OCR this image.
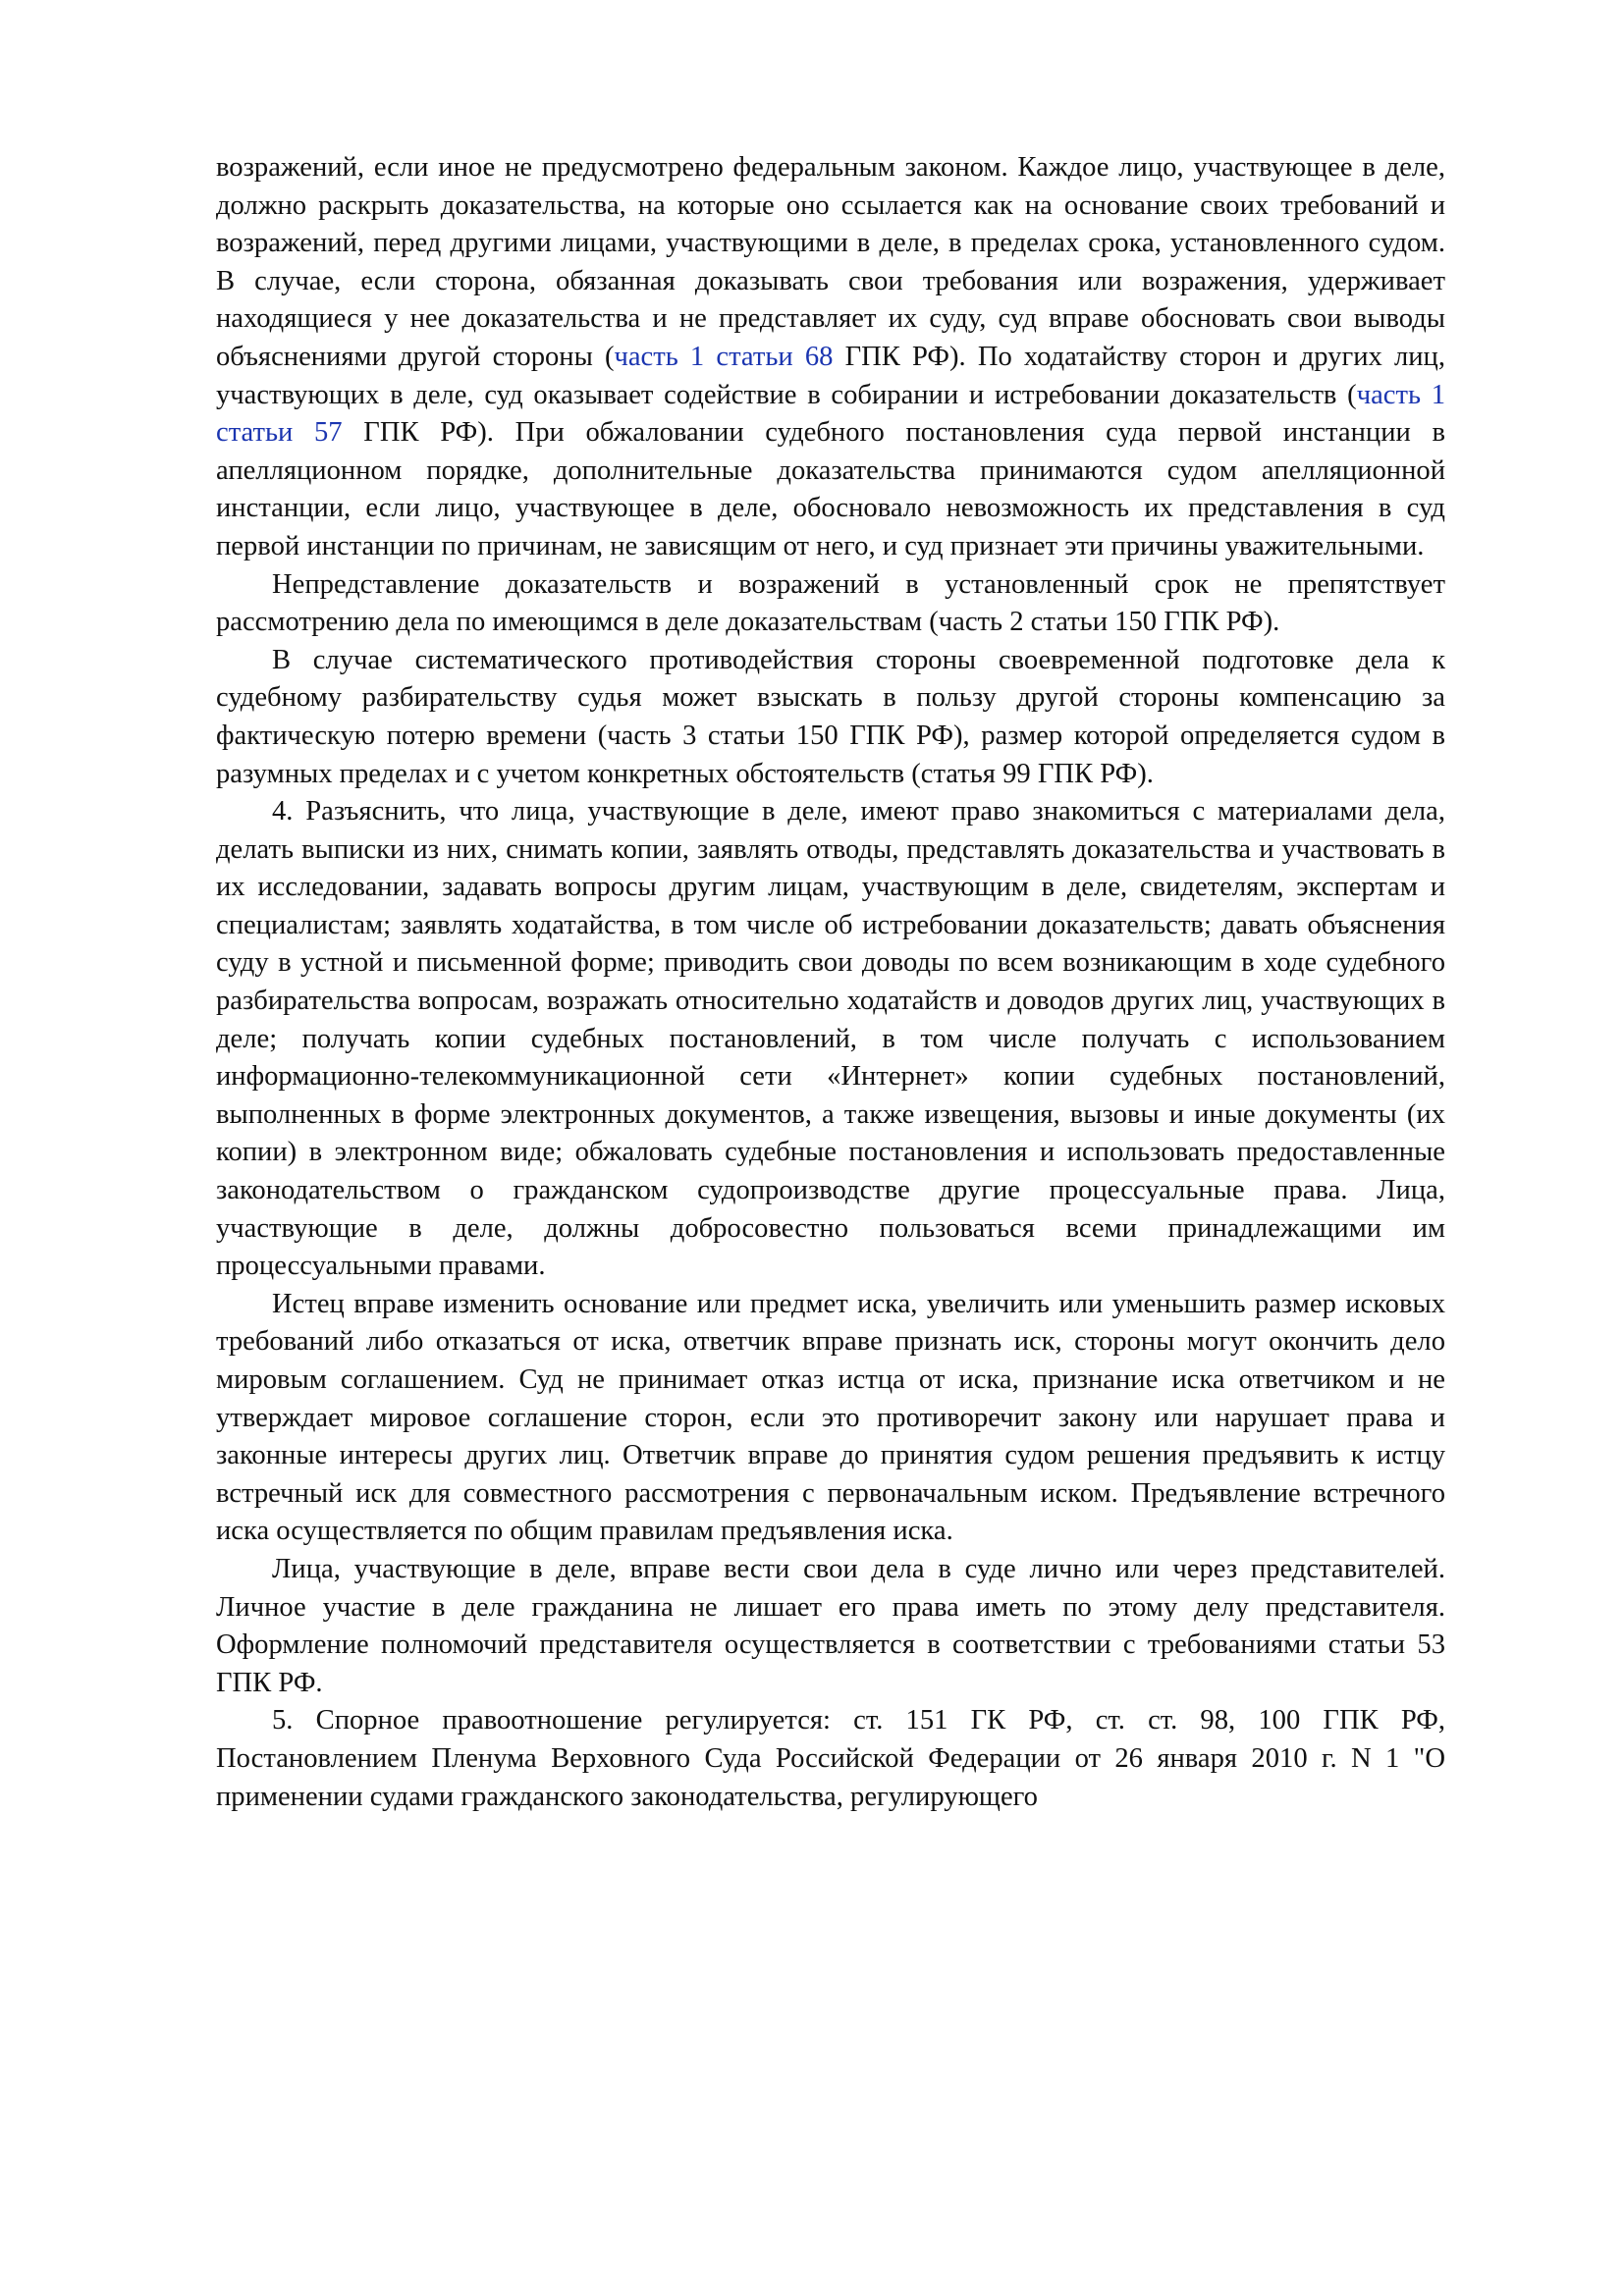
возражений, если иное не предусмотрено федеральным законом. Каждое лицо, участвующее в деле, должно раскрыть доказательства, на которые оно ссылается как на основание своих требований и возражений, перед другими лицами, участвующими в деле, в пределах срока, установленного судом. В случае, если сторона, обязанная доказывать свои требования или возражения, удерживает находящиеся у нее доказательства и не представляет их суду, суд вправе обосновать свои выводы объяснениями другой стороны (часть 1 статьи 68 ГПК РФ). По ходатайству сторон и других лиц, участвующих в деле, суд оказывает содействие в собирании и истребовании доказательств (часть 1 статьи 57 ГПК РФ). При обжаловании судебного постановления суда первой инстанции в апелляционном порядке, дополнительные доказательства принимаются судом апелляционной инстанции, если лицо, участвующее в деле, обосновало невозможность их представления в суд первой инстанции по причинам, не зависящим от него, и суд признает эти причины уважительными.

Непредставление доказательств и возражений в установленный срок не препятствует рассмотрению дела по имеющимся в деле доказательствам (часть 2 статьи 150 ГПК РФ).

В случае систематического противодействия стороны своевременной подготовке дела к судебному разбирательству судья может взыскать в пользу другой стороны компенсацию за фактическую потерю времени (часть 3 статьи 150 ГПК РФ), размер которой определяется судом в разумных пределах и с учетом конкретных обстоятельств (статья 99 ГПК РФ).

4. Разъяснить, что лица, участвующие в деле, имеют право знакомиться с материалами дела, делать выписки из них, снимать копии, заявлять отводы, представлять доказательства и участвовать в их исследовании, задавать вопросы другим лицам, участвующим в деле, свидетелям, экспертам и специалистам; заявлять ходатайства, в том числе об истребовании доказательств; давать объяснения суду в устной и письменной форме; приводить свои доводы по всем возникающим в ходе судебного разбирательства вопросам, возражать относительно ходатайств и доводов других лиц, участвующих в деле; получать копии судебных постановлений, в том числе получать с использованием информационно-телекоммуникационной сети «Интернет» копии судебных постановлений, выполненных в форме электронных документов, а также извещения, вызовы и иные документы (их копии) в электронном виде; обжаловать судебные постановления и использовать предоставленные законодательством о гражданском судопроизводстве другие процессуальные права. Лица, участвующие в деле, должны добросовестно пользоваться всеми принадлежащими им процессуальными правами.

Истец вправе изменить основание или предмет иска, увеличить или уменьшить размер исковых требований либо отказаться от иска, ответчик вправе признать иск, стороны могут окончить дело мировым соглашением. Суд не принимает отказ истца от иска, признание иска ответчиком и не утверждает мировое соглашение сторон, если это противоречит закону или нарушает права и законные интересы других лиц. Ответчик вправе до принятия судом решения предъявить к истцу встречный иск для совместного рассмотрения с первоначальным иском. Предъявление встречного иска осуществляется по общим правилам предъявления иска.

Лица, участвующие в деле, вправе вести свои дела в суде лично или через представителей. Личное участие в деле гражданина не лишает его права иметь по этому делу представителя. Оформление полномочий представителя осуществляется в соответствии с требованиями статьи 53 ГПК РФ.

5. Спорное правоотношение регулируется: ст. 151 ГК РФ, ст. ст. 98, 100 ГПК РФ, Постановлением Пленума Верховного Суда Российской Федерации от 26 января 2010 г. N 1 "О применении судами гражданского законодательства, регулирующего
